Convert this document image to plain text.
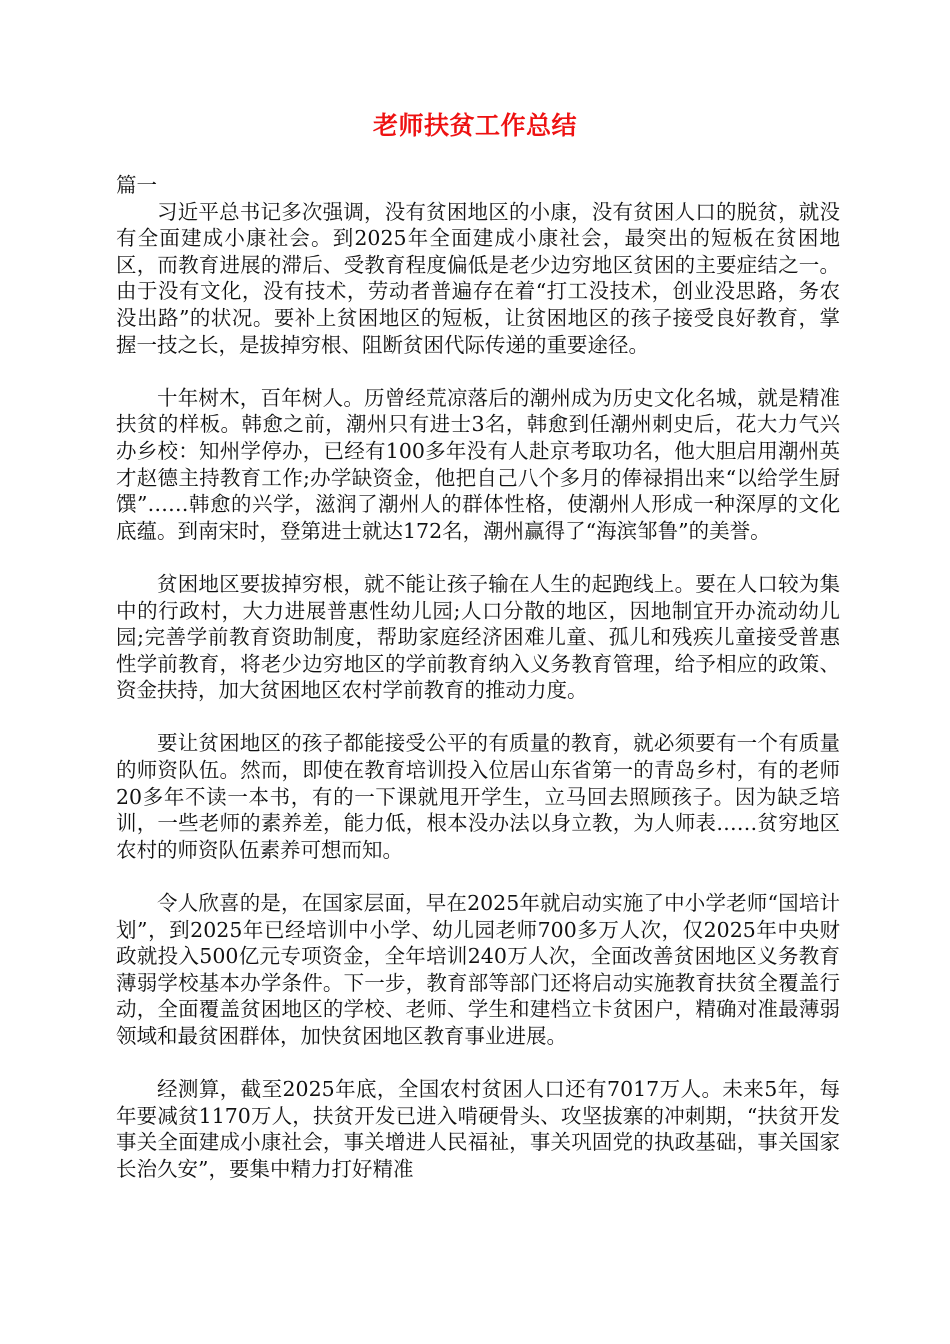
老师扶贫工作总结

篇一

习近平总书记多次强调，没有贫困地区的小康，没有贫困人口的脱贫，就没有全面建成小康社会。到2025年全面建成小康社会，最突出的短板在贫困地区，而教育进展的滞后、受教育程度偏低是老少边穷地区贫困的主要症结之一。由于没有文化，没有技术，劳动者普遍存在着“打工没技术，创业没思路，务农没出路”的状况。要补上贫困地区的短板，让贫困地区的孩子接受良好教育，掌握一技之长，是拔掉穷根、阻断贫困代际传递的重要途径。

十年树木，百年树人。历曾经荒凉落后的潮州成为历史文化名城，就是精准扶贫的样板。韩愈之前，潮州只有进士3名，韩愈到任潮州刺史后，花大力气兴办乡校：知州学停办，已经有100多年没有人赴京考取功名，他大胆启用潮州英才赵德主持教育工作;办学缺资金，他把自己八个多月的俸禄捐出来“以给学生厨馔”……韩愈的兴学，滋润了潮州人的群体性格，使潮州人形成一种深厚的文化底蕴。到南宋时，登第进士就达172名，潮州赢得了“海滨邹鲁”的美誉。

贫困地区要拔掉穷根，就不能让孩子输在人生的起跑线上。要在人口较为集中的行政村，大力进展普惠性幼儿园;人口分散的地区，因地制宜开办流动幼儿园;完善学前教育资助制度，帮助家庭经济困难儿童、孤儿和残疾儿童接受普惠性学前教育，将老少边穷地区的学前教育纳入义务教育管理，给予相应的政策、资金扶持，加大贫困地区农村学前教育的推动力度。

要让贫困地区的孩子都能接受公平的有质量的教育，就必须要有一个有质量的师资队伍。然而，即使在教育培训投入位居山东省第一的青岛乡村，有的老师20多年不读一本书，有的一下课就甩开学生，立马回去照顾孩子。因为缺乏培训，一些老师的素养差，能力低，根本没办法以身立教，为人师表……贫穷地区农村的师资队伍素养可想而知。

令人欣喜的是，在国家层面，早在2025年就启动实施了中小学老师“国培计划”，到2025年已经培训中小学、幼儿园老师700多万人次，仅2025年中央财政就投入500亿元专项资金，全年培训240万人次，全面改善贫困地区义务教育薄弱学校基本办学条件。下一步，教育部等部门还将启动实施教育扶贫全覆盖行动，全面覆盖贫困地区的学校、老师、学生和建档立卡贫困户，精确对准最薄弱领域和最贫困群体，加快贫困地区教育事业进展。

经测算，截至2025年底，全国农村贫困人口还有7017万人。未来5年，每年要减贫1170万人，扶贫开发已进入啃硬骨头、攻坚拔寨的冲刺期，“扶贫开发事关全面建成小康社会，事关增进人民福祉，事关巩固党的执政基础，事关国家长治久安”，要集中精力打好精准
